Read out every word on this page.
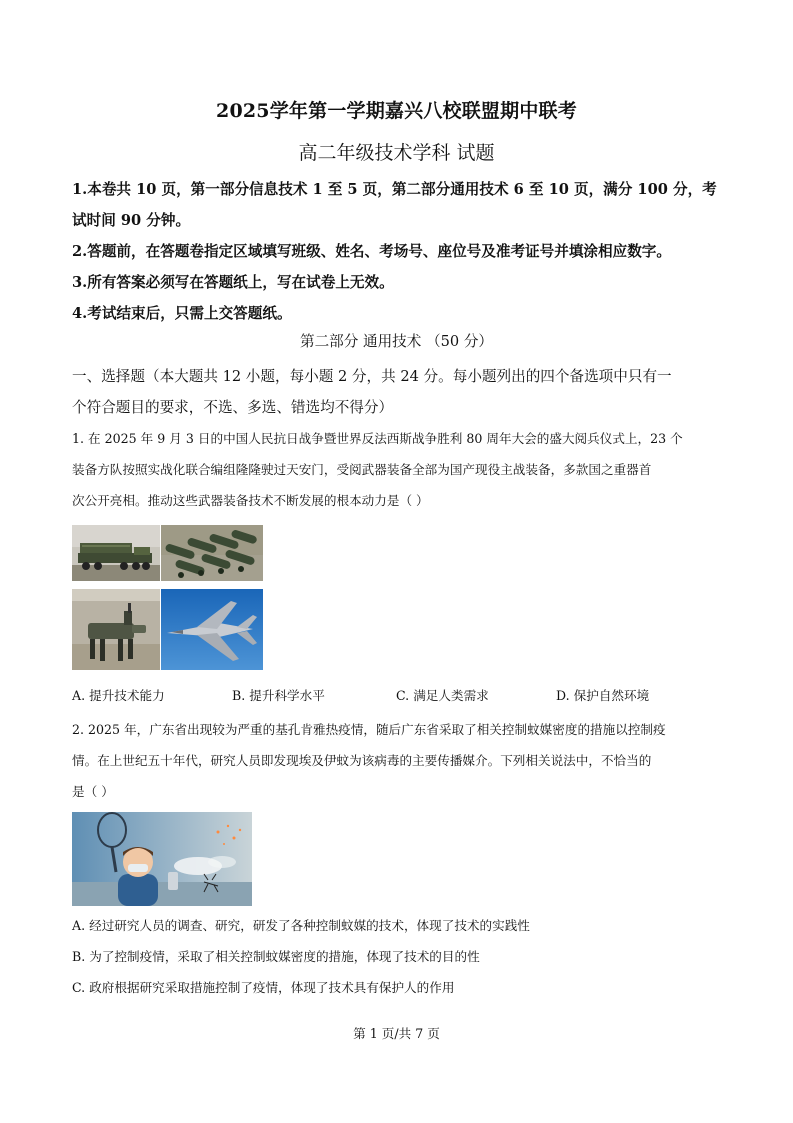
2025学年第一学期嘉兴八校联盟期中联考
高二年级技术学科 试题
1.本卷共 10 页，第一部分信息技术 1 至 5 页，第二部分通用技术 6 至 10 页，满分 100 分，考
试时间 90 分钟。
2.答题前，在答题卷指定区域填写班级、姓名、考场号、座位号及准考证号并填涂相应数字。
3.所有答案必须写在答题纸上，写在试卷上无效。
4.考试结束后，只需上交答题纸。
第二部分 通用技术 （50 分）
一、选择题（本大题共 12 小题，每小题 2 分，共 24 分。每小题列出的四个备选项中只有一
个符合题目的要求，不选、多选、错选均不得分）
1. 在 2025 年 9 月 3 日的中国人民抗日战争暨世界反法西斯战争胜利 80 周年大会的盛大阅兵仪式上，23 个
装备方队按照实战化联合编组隆隆驶过天安门，受阅武器装备全部为国产现役主战装备，多款国之重器首
次公开亮相。推动这些武器装备技术不断发展的根本动力是（ ）
A. 提升技术能力	B. 提升科学水平	C. 满足人类需求	D. 保护自然环境
2. 2025 年，广东省出现较为严重的基孔肯雅热疫情，随后广东省采取了相关控制蚊媒密度的措施以控制疫
情。在上世纪五十年代，研究人员即发现埃及伊蚊为该病毒的主要传播媒介。下列相关说法中，不恰当的
是（ ）
A. 经过研究人员的调查、研究，研发了各种控制蚊媒的技术，体现了技术的实践性
B. 为了控制疫情，采取了相关控制蚊媒密度的措施，体现了技术的目的性
C. 政府根据研究采取措施控制了疫情，体现了技术具有保护人的作用
第 1 页/共 7 页
